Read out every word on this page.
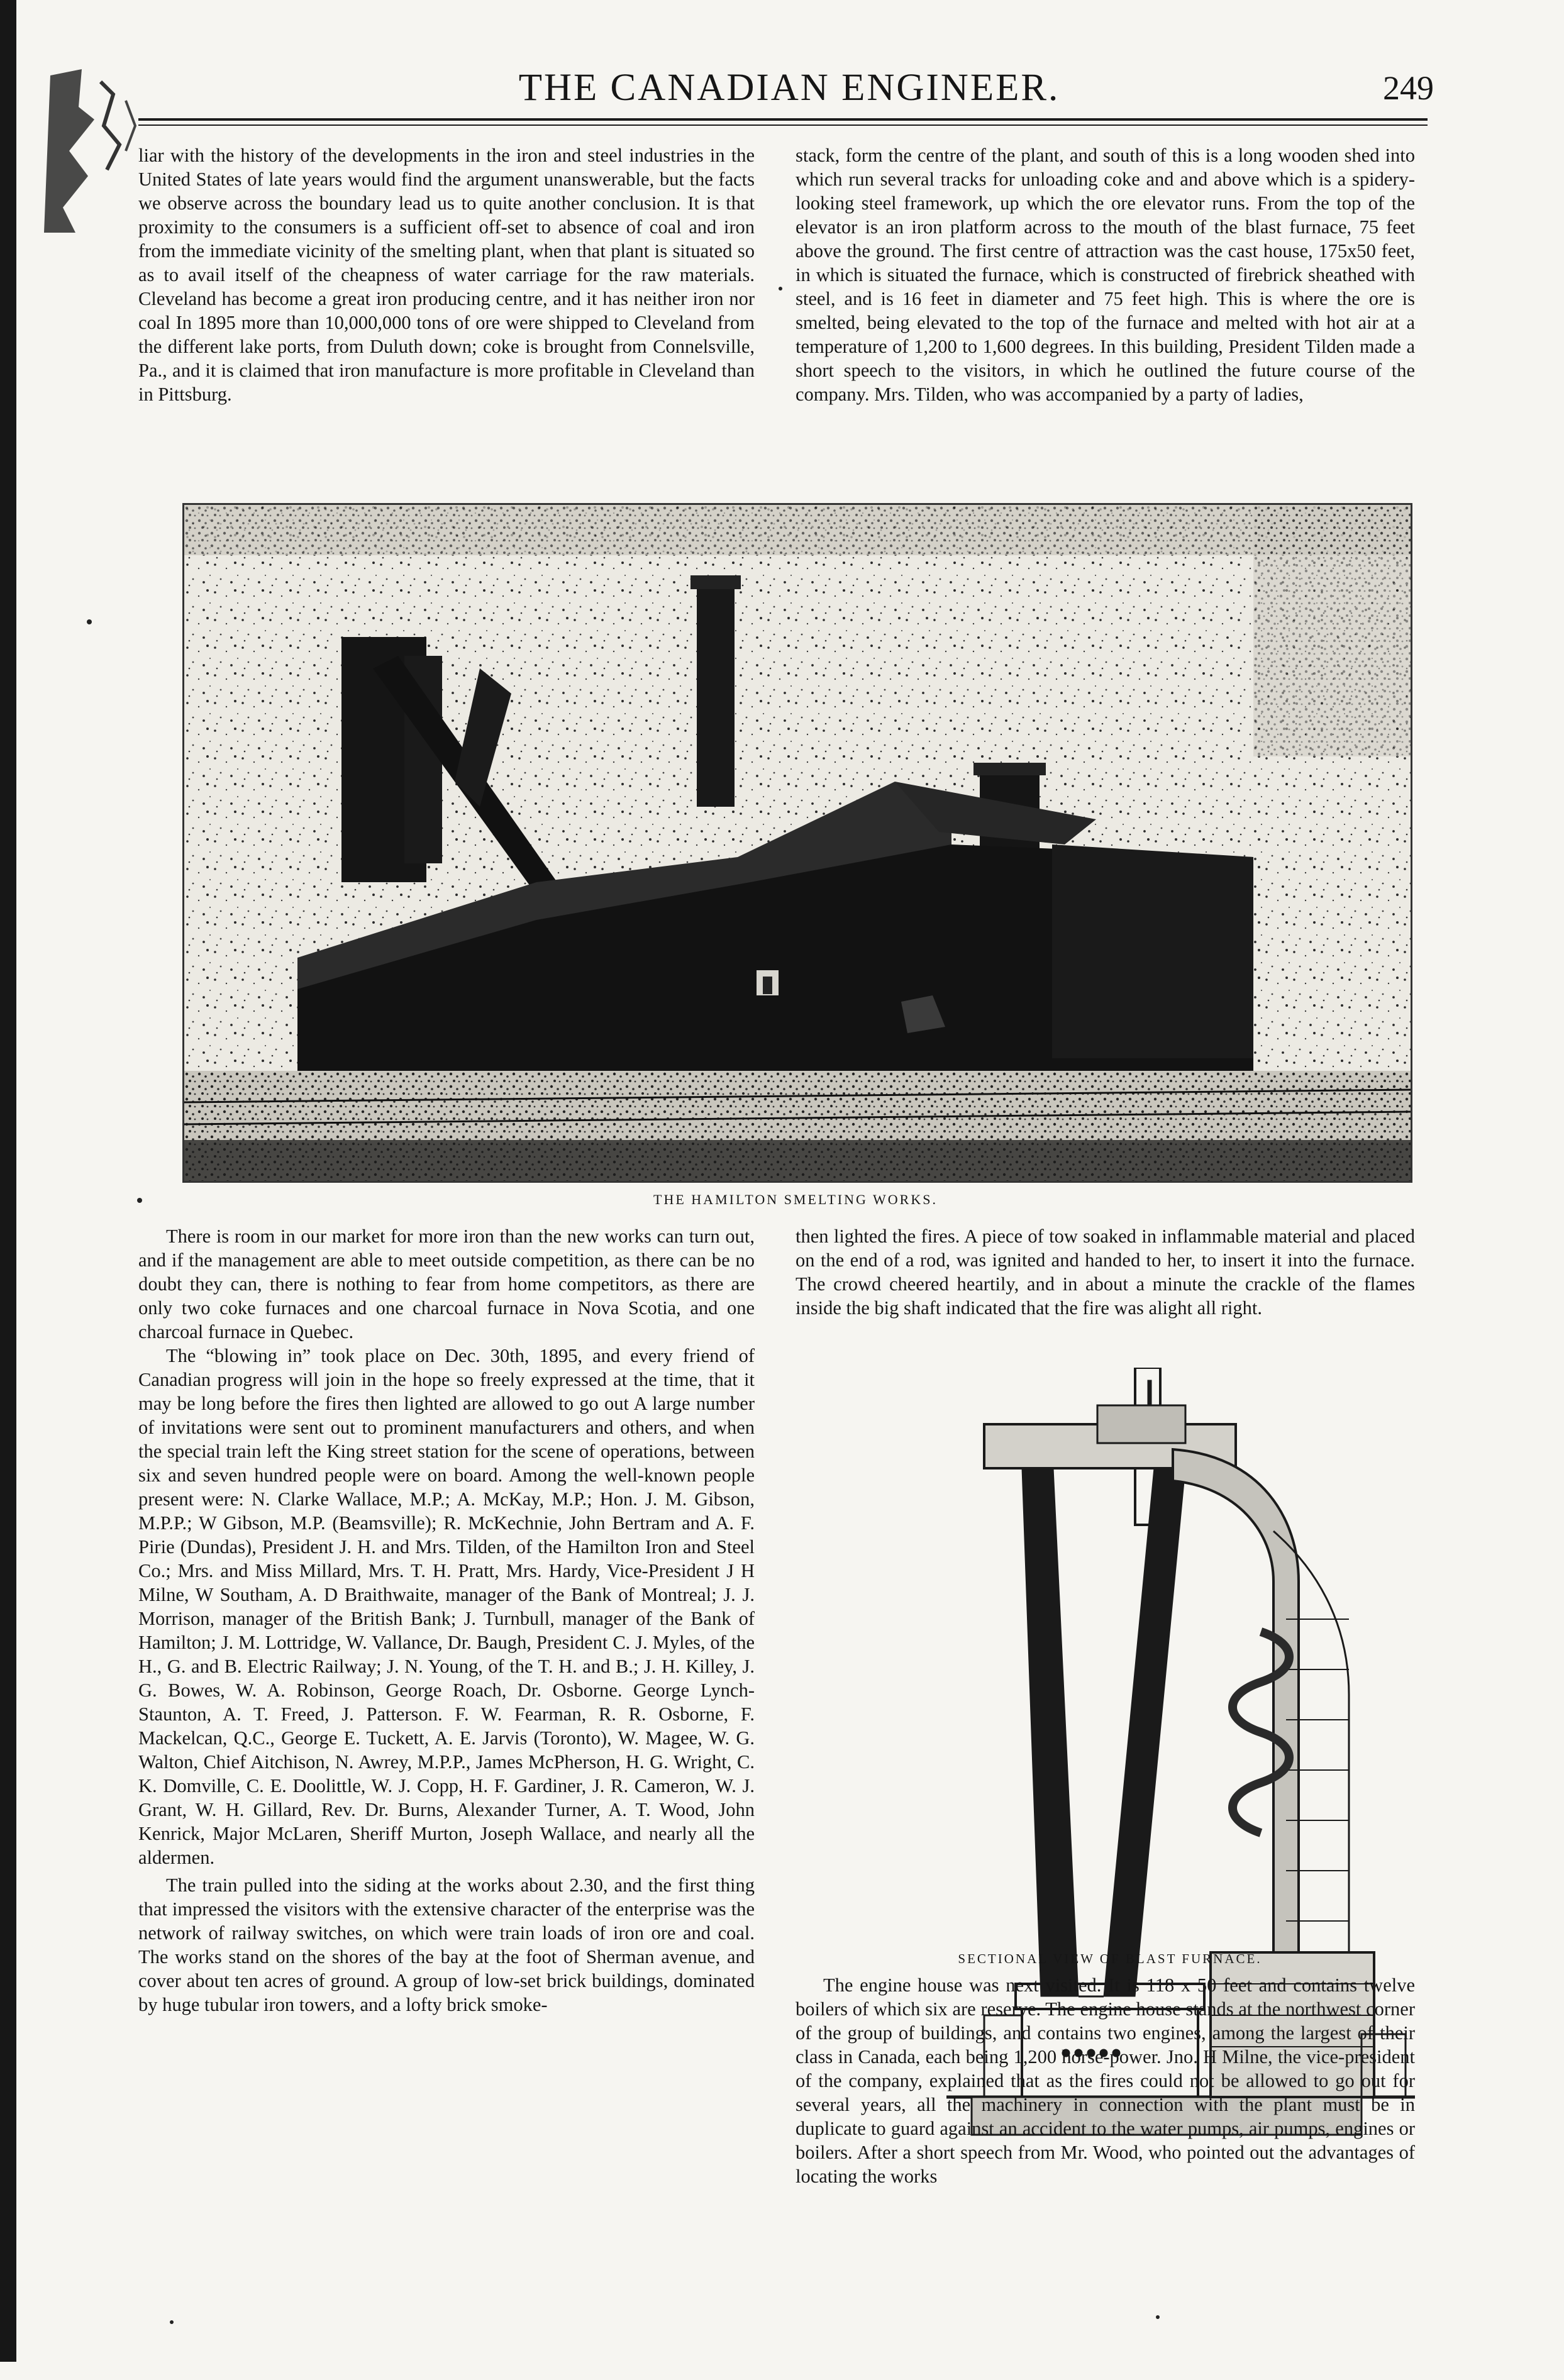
THE CANADIAN ENGINEER.	249

liar with the history of the developments in the iron and steel industries in the United States of late years would find the argument unanswerable, but the facts we observe across the boundary lead us to quite another conclusion. It is that proximity to the consumers is a sufficient off-set to absence of coal and iron from the immediate vicinity of the smelting plant, when that plant is situated so as to avail itself of the cheapness of water carriage for the raw materials. Cleveland has become a great iron producing centre, and it has neither iron nor coal In 1895 more than 10,000,000 tons of ore were shipped to Cleveland from the different lake ports, from Duluth down; coke is brought from Connelsville, Pa., and it is claimed that iron manufacture is more profitable in Cleveland than in Pittsburg.

stack, form the centre of the plant, and south of this is a long wooden shed into which run several tracks for unloading coke and and above which is a spidery-looking steel framework, up which the ore elevator runs. From the top of the elevator is an iron platform across to the mouth of the blast furnace, 75 feet above the ground. The first centre of attraction was the cast house, 175x50 feet, in which is situated the furnace, which is constructed of firebrick sheathed with steel, and is 16 feet in diameter and 75 feet high. This is where the ore is smelted, being elevated to the top of the furnace and melted with hot air at a temperature of 1,200 to 1,600 degrees. In this building, President Tilden made a short speech to the visitors, in which he outlined the future course of the company. Mrs. Tilden, who was accompanied by a party of ladies,

THE HAMILTON SMELTING WORKS.

There is room in our market for more iron than the new works can turn out, and if the management are able to meet outside competition, as there can be no doubt they can, there is nothing to fear from home competitors, as there are only two coke furnaces and one charcoal furnace in Nova Scotia, and one charcoal furnace in Quebec.

The “blowing in” took place on Dec. 30th, 1895, and every friend of Canadian progress will join in the hope so freely expressed at the time, that it may be long before the fires then lighted are allowed to go out A large number of invitations were sent out to prominent manufacturers and others, and when the special train left the King street station for the scene of operations, between six and seven hundred people were on board. Among the well-known people present were: N. Clarke Wallace, M.P.; A. McKay, M.P.; Hon. J. M. Gibson, M.P.P.; W Gibson, M.P. (Beamsville); R. McKechnie, John Bertram and A. F. Pirie (Dundas), President J. H. and Mrs. Tilden, of the Hamilton Iron and Steel Co.; Mrs. and Miss Millard, Mrs. T. H. Pratt, Mrs. Hardy, Vice-President J H Milne, W Southam, A. D Braithwaite, manager of the Bank of Montreal; J. J. Morrison, manager of the British Bank; J. Turnbull, manager of the Bank of Hamilton; J. M. Lottridge, W. Vallance, Dr. Baugh, President C. J. Myles, of the H., G. and B. Electric Railway; J. N. Young, of the T. H. and B.; J. H. Killey, J. G. Bowes, W. A. Robinson, George Roach, Dr. Osborne. George Lynch-Staunton, A. T. Freed, J. Patterson. F. W. Fearman, R. R. Osborne, F. Mackelcan, Q.C., George E. Tuckett, A. E. Jarvis (Toronto), W. Magee, W. G. Walton, Chief Aitchison, N. Awrey, M.P.P., James McPherson, H. G. Wright, C. K. Domville, C. E. Doolittle, W. J. Copp, H. F. Gardiner, J. R. Cameron, W. J. Grant, W. H. Gillard, Rev. Dr. Burns, Alexander Turner, A. T. Wood, John Kenrick, Major McLaren, Sheriff Murton, Joseph Wallace, and nearly all the aldermen.

The train pulled into the siding at the works about 2.30, and the first thing that impressed the visitors with the extensive character of the enterprise was the network of railway switches, on which were train loads of iron ore and coal. The works stand on the shores of the bay at the foot of Sherman avenue, and cover about ten acres of ground. A group of low-set brick buildings, dominated by huge tubular iron towers, and a lofty brick smoke-

then lighted the fires. A piece of tow soaked in inflammable material and placed on the end of a rod, was ignited and handed to her, to insert it into the furnace. The crowd cheered heartily, and in about a minute the crackle of the flames inside the big shaft indicated that the fire was alight all right.

SECTIONAL VIEW OF BLAST FURNACE.

The engine house was next visited. It is 118 x 50 feet and contains twelve boilers of which six are reserve. The engine house stands at the northwest corner of the group of buildings, and contains two engines, among the largest of their class in Canada, each being 1,200 horse-power. Jno. H Milne, the vice-president of the company, explained that as the fires could not be allowed to go out for several years, all the machinery in connection with the plant must be in duplicate to guard against an accident to the water pumps, air pumps, engines or boilers. After a short speech from Mr. Wood, who pointed out the advantages of locating the works
